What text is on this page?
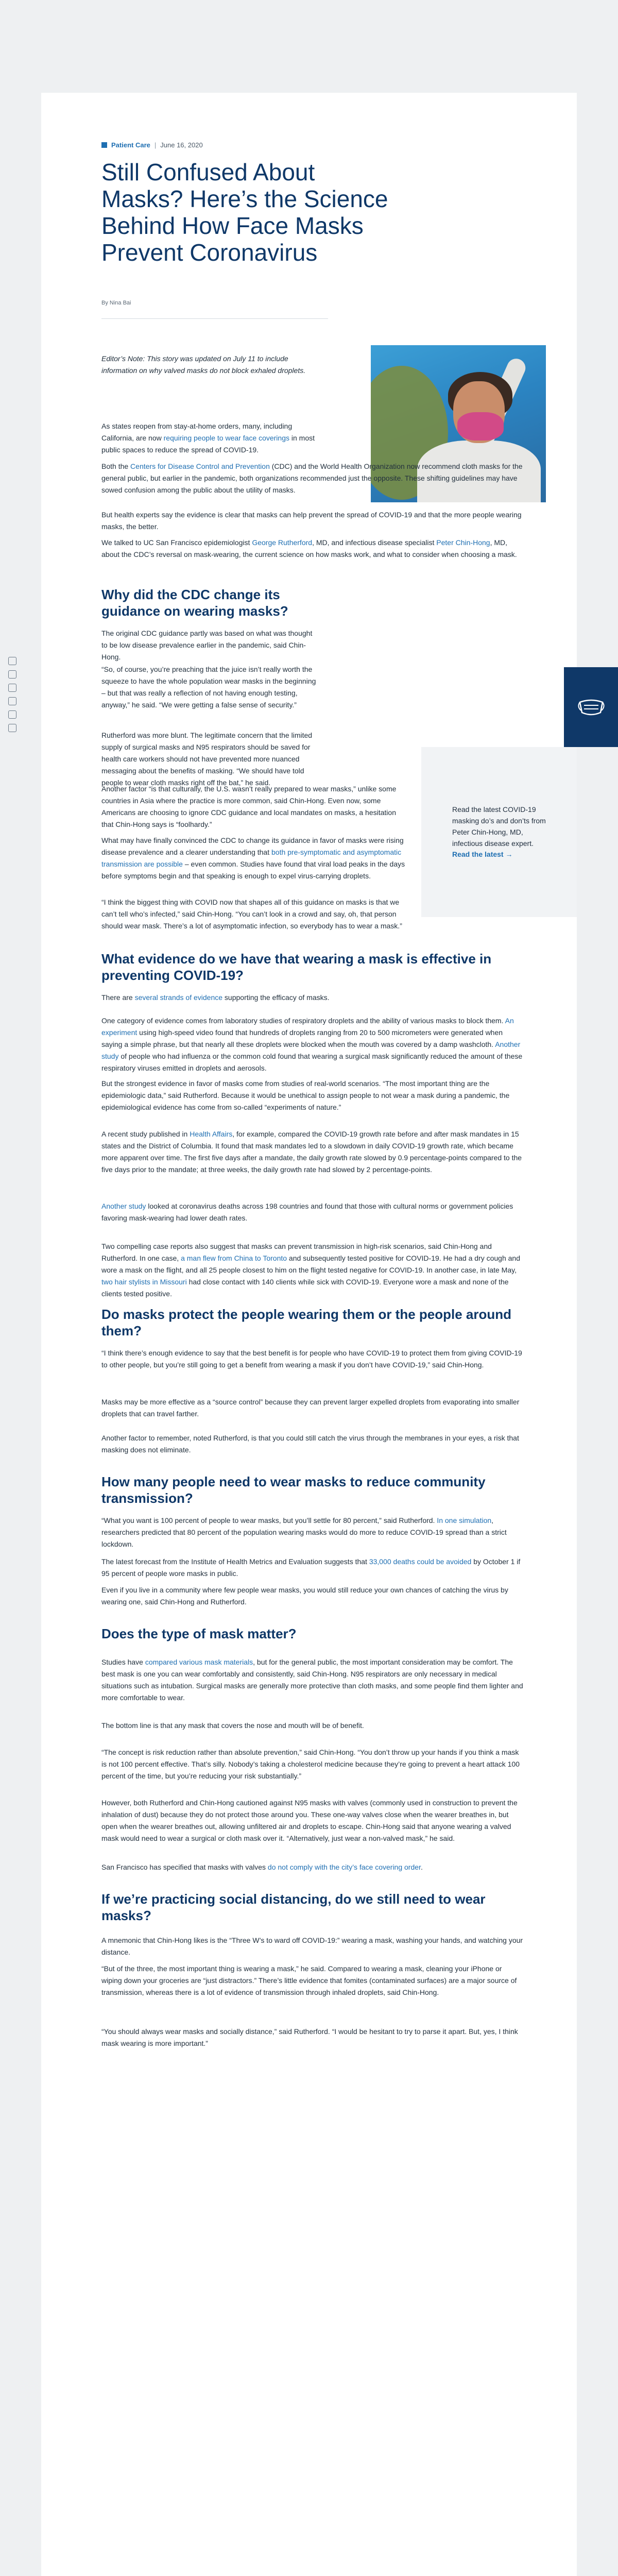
Patient Care | June 16, 2020
Still Confused About Masks? Here’s the Science Behind How Face Masks Prevent Coronavirus
By Nina Bai
Editor’s Note: This story was updated on July 11 to include information on why valved masks do not block exhaled droplets.
As states reopen from stay-at-home orders, many, including California, are now requiring people to wear face coverings in most public spaces to reduce the spread of COVID-19.
Both the Centers for Disease Control and Prevention (CDC) and the World Health Organization now recommend cloth masks for the general public, but earlier in the pandemic, both organizations recommended just the opposite. These shifting guidelines may have sowed confusion among the public about the utility of masks.
But health experts say the evidence is clear that masks can help prevent the spread of COVID-19 and that the more people wearing masks, the better.
We talked to UC San Francisco epidemiologist George Rutherford, MD, and infectious disease specialist Peter Chin-Hong, MD, about the CDC’s reversal on mask-wearing, the current science on how masks work, and what to consider when choosing a mask.
Why did the CDC change its guidance on wearing masks?
The original CDC guidance partly was based on what was thought to be low disease prevalence earlier in the pandemic, said Chin-Hong.
“So, of course, you’re preaching that the juice isn’t really worth the squeeze to have the whole population wear masks in the beginning – but that was really a reflection of not having enough testing, anyway,” he said. “We were getting a false sense of security.”
Rutherford was more blunt. The legitimate concern that the limited supply of surgical masks and N95 respirators should be saved for health care workers should not have prevented more nuanced messaging about the benefits of masking. “We should have told people to wear cloth masks right off the bat,” he said.
Another factor “is that culturally, the U.S. wasn’t really prepared to wear masks,” unlike some countries in Asia where the practice is more common, said Chin-Hong. Even now, some Americans are choosing to ignore CDC guidance and local mandates on masks, a hesitation that Chin-Hong says is “foolhardy.”
What may have finally convinced the CDC to change its guidance in favor of masks were rising disease prevalence and a clearer understanding that both pre-symptomatic and asymptomatic transmission are possible – even common. Studies have found that viral load peaks in the days before symptoms begin and that speaking is enough to expel virus-carrying droplets.
“I think the biggest thing with COVID now that shapes all of this guidance on masks is that we can’t tell who’s infected,” said Chin-Hong. “You can’t look in a crowd and say, oh, that person should wear mask. There’s a lot of asymptomatic infection, so everybody has to wear a mask.”
What evidence do we have that wearing a mask is effective in preventing COVID-19?
There are several strands of evidence supporting the efficacy of masks.
One category of evidence comes from laboratory studies of respiratory droplets and the ability of various masks to block them. An experiment using high-speed video found that hundreds of droplets ranging from 20 to 500 micrometers were generated when saying a simple phrase, but that nearly all these droplets were blocked when the mouth was covered by a damp washcloth. Another study of people who had influenza or the common cold found that wearing a surgical mask significantly reduced the amount of these respiratory viruses emitted in droplets and aerosols.
But the strongest evidence in favor of masks come from studies of real-world scenarios. “The most important thing are the epidemiologic data,” said Rutherford. Because it would be unethical to assign people to not wear a mask during a pandemic, the epidemiological evidence has come from so-called “experiments of nature.”
A recent study published in Health Affairs, for example, compared the COVID-19 growth rate before and after mask mandates in 15 states and the District of Columbia. It found that mask mandates led to a slowdown in daily COVID-19 growth rate, which became more apparent over time. The first five days after a mandate, the daily growth rate slowed by 0.9 percentage-points compared to the five days prior to the mandate; at three weeks, the daily growth rate had slowed by 2 percentage-points.
Another study looked at coronavirus deaths across 198 countries and found that those with cultural norms or government policies favoring mask-wearing had lower death rates.
Two compelling case reports also suggest that masks can prevent transmission in high-risk scenarios, said Chin-Hong and Rutherford. In one case, a man flew from China to Toronto and subsequently tested positive for COVID-19. He had a dry cough and wore a mask on the flight, and all 25 people closest to him on the flight tested negative for COVID-19. In another case, in late May, two hair stylists in Missouri had close contact with 140 clients while sick with COVID-19. Everyone wore a mask and none of the clients tested positive.
Do masks protect the people wearing them or the people around them?
“I think there’s enough evidence to say that the best benefit is for people who have COVID-19 to protect them from giving COVID-19 to other people, but you’re still going to get a benefit from wearing a mask if you don’t have COVID-19,” said Chin-Hong.
Masks may be more effective as a “source control” because they can prevent larger expelled droplets from evaporating into smaller droplets that can travel farther.
Another factor to remember, noted Rutherford, is that you could still catch the virus through the membranes in your eyes, a risk that masking does not eliminate.
How many people need to wear masks to reduce community transmission?
“What you want is 100 percent of people to wear masks, but you’ll settle for 80 percent,” said Rutherford. In one simulation, researchers predicted that 80 percent of the population wearing masks would do more to reduce COVID-19 spread than a strict lockdown.
The latest forecast from the Institute of Health Metrics and Evaluation suggests that 33,000 deaths could be avoided by October 1 if 95 percent of people wore masks in public.
Even if you live in a community where few people wear masks, you would still reduce your own chances of catching the virus by wearing one, said Chin-Hong and Rutherford.
Does the type of mask matter?
Studies have compared various mask materials, but for the general public, the most important consideration may be comfort. The best mask is one you can wear comfortably and consistently, said Chin-Hong. N95 respirators are only necessary in medical situations such as intubation. Surgical masks are generally more protective than cloth masks, and some people find them lighter and more comfortable to wear.
The bottom line is that any mask that covers the nose and mouth will be of benefit.
“The concept is risk reduction rather than absolute prevention,” said Chin-Hong. “You don’t throw up your hands if you think a mask is not 100 percent effective. That’s silly. Nobody’s taking a cholesterol medicine because they’re going to prevent a heart attack 100 percent of the time, but you’re reducing your risk substantially.”
However, both Rutherford and Chin-Hong cautioned against N95 masks with valves (commonly used in construction to prevent the inhalation of dust) because they do not protect those around you. These one-way valves close when the wearer breathes in, but open when the wearer breathes out, allowing unfiltered air and droplets to escape. Chin-Hong said that anyone wearing a valved mask would need to wear a surgical or cloth mask over it. “Alternatively, just wear a non-valved mask,” he said.
San Francisco has specified that masks with valves do not comply with the city’s face covering order.
If we’re practicing social distancing, do we still need to wear masks?
A mnemonic that Chin-Hong likes is the “Three W’s to ward off COVID-19:” wearing a mask, washing your hands, and watching your distance.
“But of the three, the most important thing is wearing a mask,” he said. Compared to wearing a mask, cleaning your iPhone or wiping down your groceries are “just distractors.” There’s little evidence that fomites (contaminated surfaces) are a major source of transmission, whereas there is a lot of evidence of transmission through inhaled droplets, said Chin-Hong.
“You should always wear masks and socially distance,” said Rutherford. “I would be hesitant to try to parse it apart. But, yes, I think mask wearing is more important.”
Read the latest COVID-19 masking do’s and don’ts from Peter Chin-Hong, MD, infectious disease expert.
Read the latest →
